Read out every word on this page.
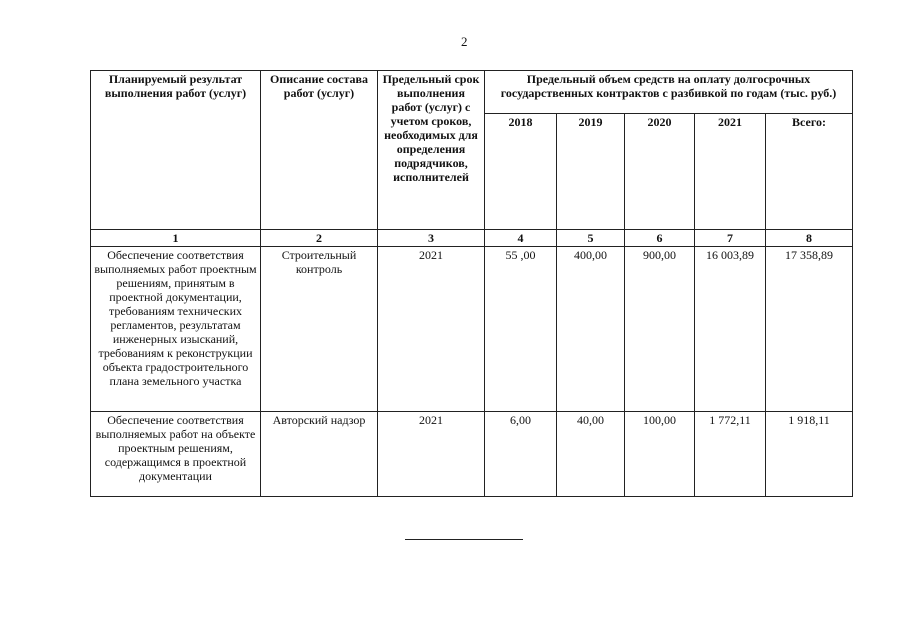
2
Планируемый результат выполнения работ (услуг)	Описание состава работ (услуг)	Предельный срок выполнения работ (услуг) с учетом сроков, необходимых для определения подрядчиков, исполнителей	Предельный объем средств на оплату долгосрочных государственных контрактов с разбивкой по годам (тыс. руб.)				
			2018	2019	2020	2021	Всего:
1	2	3	4	5	6	7	8
Обеспечение соответствия выполняемых работ проектным решениям, принятым в проектной документации, требованиям технических регламентов, результатам инженерных изысканий, требованиям к реконструкции объекта градостроительного плана земельного участка	Строительный контроль	2021	55 ,00	400,00	900,00	16 003,89	17 358,89
Обеспечение соответствия выполняемых работ на объекте проектным решениям, содержащимся в проектной документации	Авторский надзор	2021	6,00	40,00	100,00	1 772,11	1 918,11
